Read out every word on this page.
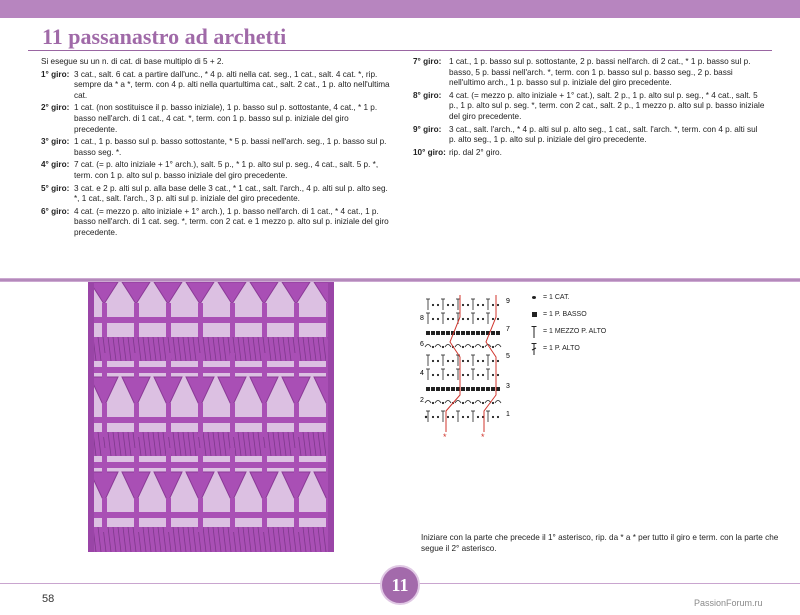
11 passanastro ad archetti

Si esegue su un n. di cat. di base multiplo di 5 + 2.

1° giro: 3 cat., salt. 6 cat. a partire dall'unc., * 4 p. alti nella cat. seg., 1 cat., salt. 4 cat. *, rip. sempre da * a *, term. con 4 p. alti nella quartultima cat., salt. 2 cat., 1 p. alto nell'ultima cat.
2° giro: 1 cat. (non sostituisce il p. basso iniziale), 1 p. basso sul p. sottostante, 4 cat., * 1 p. basso nell'arch. di 1 cat., 4 cat. *, term. con 1 p. basso sul p. iniziale del giro precedente.
3° giro: 1 cat., 1 p. basso sul p. basso sottostante, * 5 p. bassi nell'arch. seg., 1 p. basso sul p. basso seg. *.
4° giro: 7 cat. (= p. alto iniziale + 1° arch.), salt. 5 p., * 1 p. alto sul p. seg., 4 cat., salt. 5 p. *, term. con 1 p. alto sul p. basso iniziale del giro precedente.
5° giro: 3 cat. e 2 p. alti sul p. alla base delle 3 cat., * 1 cat., salt. l'arch., 4 p. alti sul p. alto seg. *, 1 cat., salt. l'arch., 3 p. alti sul p. iniziale del giro precedente.
6° giro: 4 cat. (= mezzo p. alto iniziale + 1° arch.), 1 p. basso nell'arch. di 1 cat., * 4 cat., 1 p. basso nell'arch. di 1 cat. seg. *, term. con 2 cat. e 1 mezzo p. alto sul p. iniziale del giro precedente.
7° giro: 1 cat., 1 p. basso sul p. sottostante, 2 p. bassi nell'arch. di 2 cat., * 1 p. basso sul p. basso, 5 p. bassi nell'arch. *, term. con 1 p. basso sul p. basso seg., 2 p. bassi nell'ultimo arch., 1 p. basso sul p. iniziale del giro precedente.
8° giro: 4 cat. (= mezzo p. alto iniziale + 1° cat.), salt. 2 p., 1 p. alto sul p. seg., * 4 cat., salt. 5 p., 1 p. alto sul p. seg. *, term. con 2 cat., salt. 2 p., 1 mezzo p. alto sul p. basso iniziale del giro precedente.
9° giro: 3 cat., salt. l'arch., * 4 p. alti sul p. alto seg., 1 cat., salt. l'arch. *, term. con 4 p. alti sul p. alto seg., 1 p. alto sul p. iniziale del giro precedente.
10° giro: rip. dal 2° giro.
9
7
5
3
1
8
6
4
2
*	*
= 1 CAT.
= 1 P. BASSO
= 1 MEZZO P. ALTO
= 1 P. ALTO

Iniziare con la parte che precede il 1° asterisco, rip. da * a * per tutto il giro e term. con la parte che segue il 2° asterisco.

11
58	PassionForum.ru
